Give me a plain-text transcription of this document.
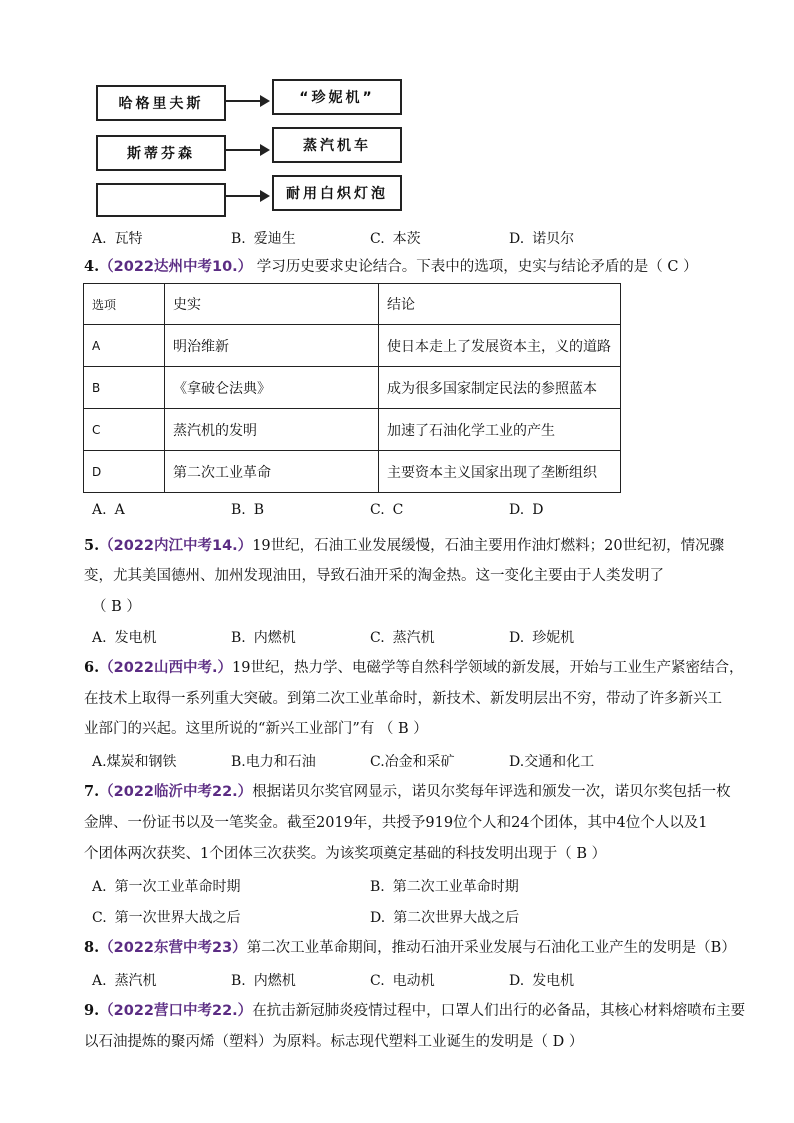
哈格里夫斯	“珍妮机”
斯蒂芬森	蒸汽机车
耐用白炽灯泡
A. 瓦特	B. 爱迪生	C. 本茨	D. 诺贝尔
4.（2022达州中考10.） 学习历史要求史论结合。下表中的选项，史实与结论矛盾的是（ C ）
选项	史实	结论
A	明治维新	使日本走上了发展资本主，义的道路
B	《拿破仑法典》	成为很多国家制定民法的参照蓝本
C	蒸汽机的发明	加速了石油化学工业的产生
D	第二次工业革命	主要资本主义国家出现了垄断组织
A. A	B. B	C. C	D. D
5.（2022内江中考14.）19世纪，石油工业发展缓慢，石油主要用作油灯燃料；20世纪初，情况骤
变，尤其美国德州、加州发现油田，导致石油开采的淘金热。这一变化主要由于人类发明了
（ B ）
A. 发电机	B. 内燃机	C. 蒸汽机	D. 珍妮机
6.（2022山西中考.）19世纪，热力学、电磁学等自然科学领域的新发展，开始与工业生产紧密结合，
在技术上取得一系列重大突破。到第二次工业革命时，新技术、新发明层出不穷，带动了许多新兴工
业部门的兴起。这里所说的“新兴工业部门”有 （ B ）
A.煤炭和钢铁	B.电力和石油	C.冶金和采矿	D.交通和化工
7.（2022临沂中考22.）根据诺贝尔奖官网显示，诺贝尔奖每年评选和颁发一次，诺贝尔奖包括一枚
金牌、一份证书以及一笔奖金。截至2019年，共授予919位个人和24个团体，其中4位个人以及1
个团体两次获奖、1个团体三次获奖。为该奖项奠定基础的科技发明出现于（ B ）
A. 第一次工业革命时期	B. 第二次工业革命时期
C. 第一次世界大战之后	D. 第二次世界大战之后
8.（2022东营中考23）第二次工业革命期间，推动石油开采业发展与石油化工业产生的发明是（B）
A. 蒸汽机	B. 内燃机	C. 电动机	D. 发电机
9.（2022营口中考22.）在抗击新冠肺炎疫情过程中，口罩人们出行的必备品，其核心材料熔喷布主要
以石油提炼的聚丙烯（塑料）为原料。标志现代塑料工业诞生的发明是（ D ）
